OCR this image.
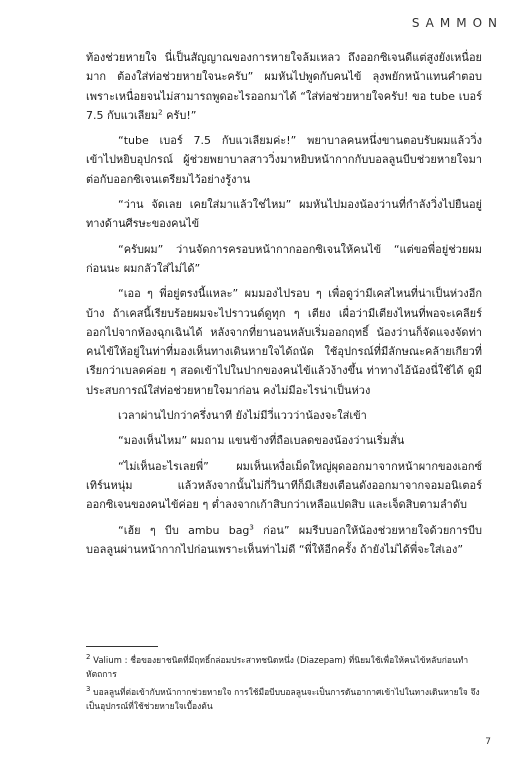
SAMMON

ท้องช่วยหายใจ นี่เป็นสัญญาณของการหายใจล้มเหลว ถึงออกซิเจนดีแต่สูงยังเหนื่อยมาก ต้องใส่ท่อช่วยหายใจนะครับ” ผมหันไปพูดกับคนไข้ ลุงพยักหน้าแทนคำตอบเพราะเหนื่อยจนไม่สามารถพูดอะไรออกมาได้ “ใส่ท่อช่วยหายใจครับ! ขอ tube เบอร์ 7.5 กับแวเลียม$^2$ ครับ!”

“tube เบอร์ 7.5 กับแวเลียมค่ะ!” พยาบาลคนหนึ่งขานตอบรับผมแล้ววิ่งเข้าไปหยิบอุปกรณ์ ผู้ช่วยพยาบาลสาววิ่งมาหยิบหน้ากากกับบอลลูนบีบช่วยหายใจมาต่อกับออกซิเจนเตรียมไว้อย่างรู้งาน

“ว่าน จัดเลย เคยใส่มาแล้วใช่ไหม” ผมหันไปมองน้องว่านที่กำลังวิ่งไปยืนอยู่ทางด้านศีรษะของคนไข้

“ครับผม” ว่านจัดการครอบหน้ากากออกซิเจนให้คนไข้ “แต่ขอพี่อยู่ช่วยผมก่อนนะ ผมกลัวใส่ไม่ได้”

“เออ ๆ พี่อยู่ตรงนี้แหละ” ผมมองไปรอบ ๆ เพื่อดูว่ามีเคสไหนที่น่าเป็นห่วงอีกบ้าง ถ้าเคสนี้เรียบร้อยผมจะไปราวนด์ดูทุก ๆ เตียง เผื่อว่ามีเตียงไหนที่พอจะเคลียร์ออกไปจากห้องฉุกเฉินได้ หลังจากที่ยานอนหลับเริ่มออกฤทธิ์ น้องว่านก็จัดแจงจัดท่าคนไข้ให้อยู่ในท่าที่มองเห็นทางเดินหายใจได้ถนัด ใช้อุปกรณ์ที่มีลักษณะคล้ายเกียวที่เรียกว่าเบลดค่อย ๆ สอดเข้าไปในปากของคนไข้แล้วง้างขึ้น ท่าทางไอ้น้องนี่ใช้ได้ ดูมีประสบการณ์ใส่ท่อช่วยหายใจมาก่อน คงไม่มีอะไรน่าเป็นห่วง

เวลาผ่านไปกว่าครึ่งนาที ยังไม่มีวี่แววว่าน้องจะใส่เข้า

“มองเห็นไหม” ผมถาม แขนข้างที่ถือเบลดของน้องว่านเริ่มสั่น

“ไม่เห็นอะไรเลยพี่” ผมเห็นเหงื่อเม็ดใหญ่ผุดออกมาจากหน้าผากของเอกซ์เทิร์นหนุ่ม แล้วหลังจากนั้นไม่กี่วินาทีก็มีเสียงเตือนดังออกมาจากจอมอนิเตอร์ ออกซิเจนของคนไข้ค่อย ๆ ต่ำลงจากเก้าสิบกว่าเหลือแปดสิบ และเจ็ดสิบตามลำดับ

“เฮ้ย ๆ บีบ ambu bag$^3$ ก่อน” ผมรีบบอกให้น้องช่วยหายใจด้วยการบีบ บอลลูนผ่านหน้ากากไปก่อนเพราะเห็นท่าไม่ดี “พี่ให้อีกครั้ง ถ้ายังไม่ได้พี่จะใส่เอง”

$^2$ Valium : ชื่อของยาชนิดที่มีฤทธิ์กล่อมประสาทชนิดหนึ่ง (Diazepam) ที่นิยมใช้เพื่อให้คนไข้หลับก่อนทำหัตถการ

$^3$ บอลลูนที่ต่อเข้ากับหน้ากากช่วยหายใจ การใช้มือบีบบอลลูนจะเป็นการดันอากาศเข้าไปในทางเดินหายใจ จึงเป็นอุปกรณ์ที่ใช้ช่วยหายใจเบื้องต้น

7
